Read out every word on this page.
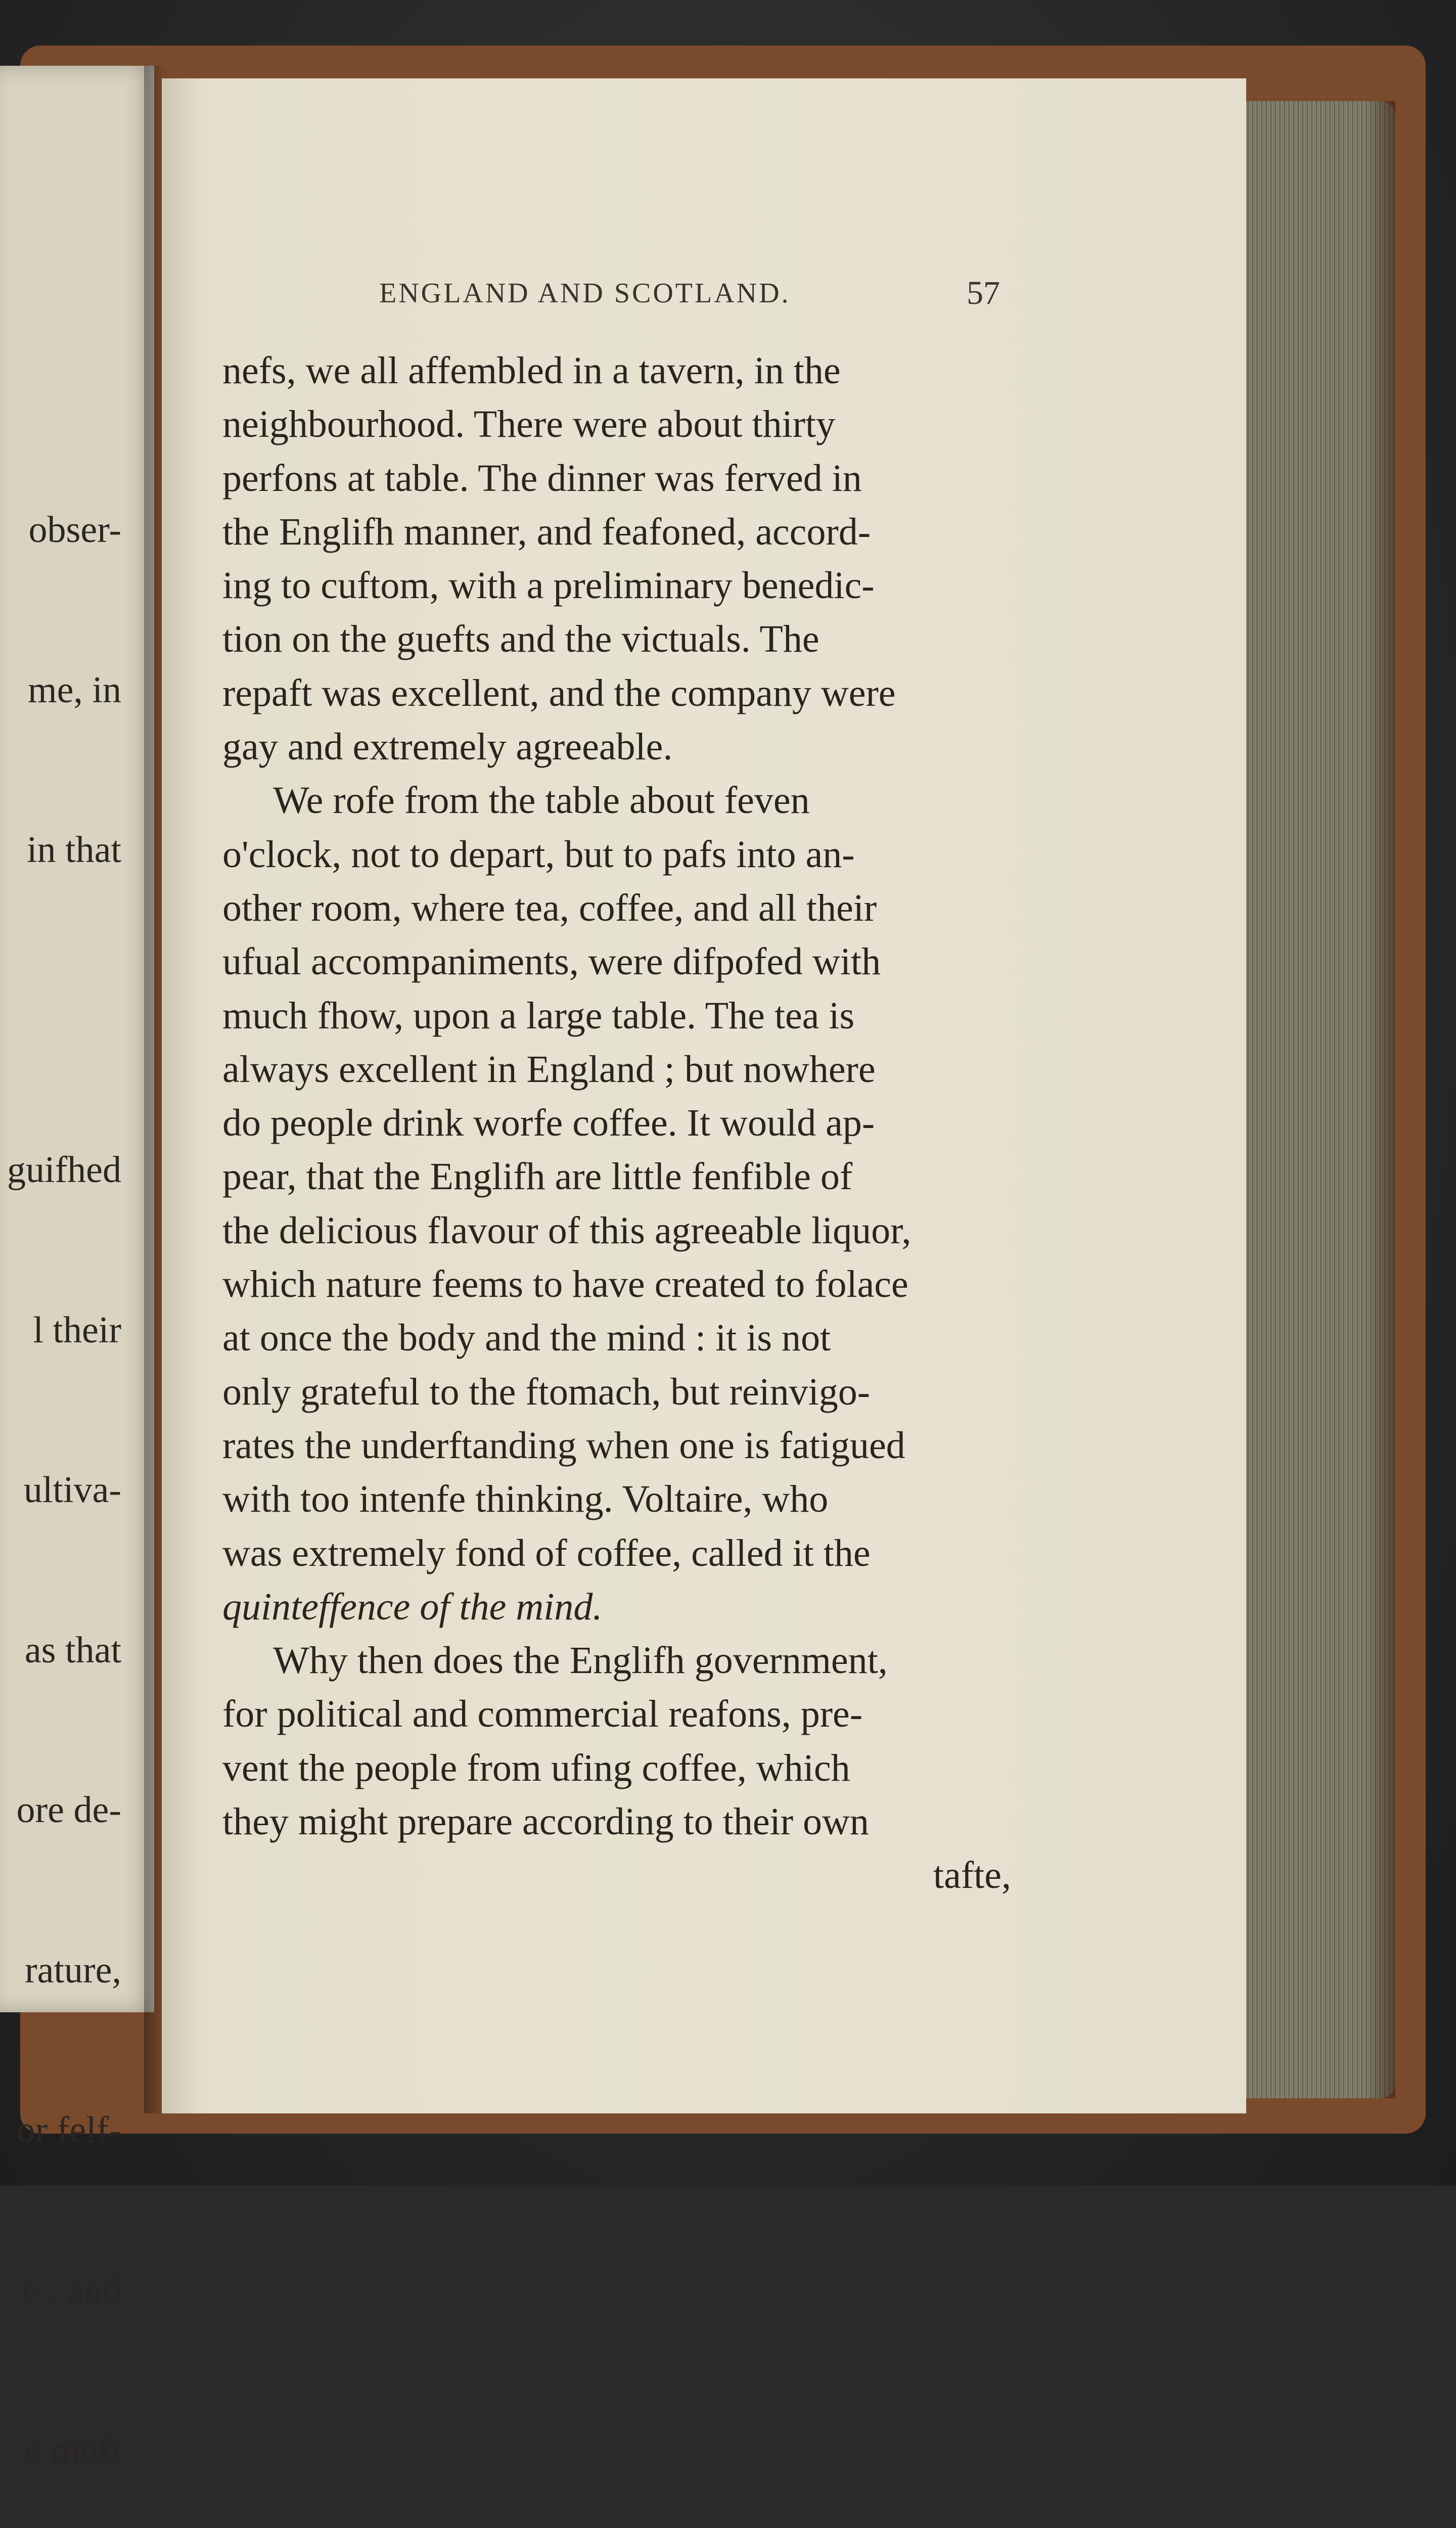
obser-

me, in

in that

guifhed

l their

ultiva-

as that

ore de-

rature,

or felf-

e ; and

e muft

ENGLAND AND SCOTLAND.	57
nefs, we all affembled in a tavern, in the
neighbourhood. There were about thirty
perfons at table. The dinner was ferved in
the Englifh manner, and feafoned, accord-
ing to cuftom, with a preliminary benedic-
tion on the guefts and the victuals. The
repaft was excellent, and the company were
gay and extremely agreeable.
We rofe from the table about feven
o'clock, not to depart, but to pafs into an-
other room, where tea, coffee, and all their
ufual accompaniments, were difpofed with
much fhow, upon a large table. The tea is
always excellent in England ; but nowhere
do people drink worfe coffee. It would ap-
pear, that the Englifh are little fenfible of
the delicious flavour of this agreeable liquor,
which nature feems to have created to folace
at once the body and the mind : it is not
only grateful to the ftomach, but reinvigo-
rates the underftanding when one is fatigued
with too intenfe thinking. Voltaire, who
was extremely fond of coffee, called it the
quinteffence of the mind.
Why then does the Englifh government,
for political and commercial reafons, pre-
vent the people from ufing coffee, which
they might prepare according to their own
tafte,
